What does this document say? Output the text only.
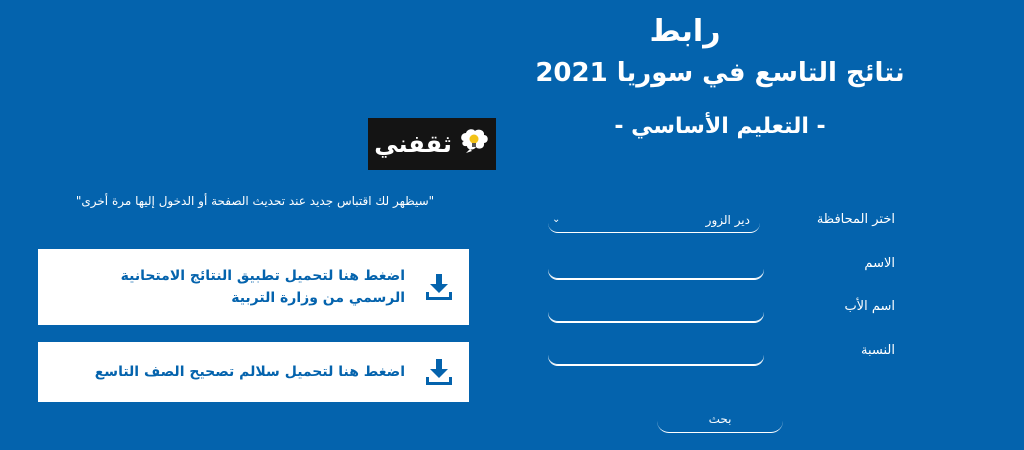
رابط
نتائج التاسع في سوريا 2021
- التعليم الأساسي -
ثقفني
"سيظهر لك اقتباس جديد عند تحديث الصفحة أو الدخول إليها مرة أخرى"
اضغط هنا لتحميل تطبيق النتائج الامتحانية الرسمي من وزارة التربية
اضغط هنا لتحميل سلالم تصحيح الصف التاسع
اختر المحافظة
دير الزور
⌄
الاسم
اسم الأب
النسبة
بحث
